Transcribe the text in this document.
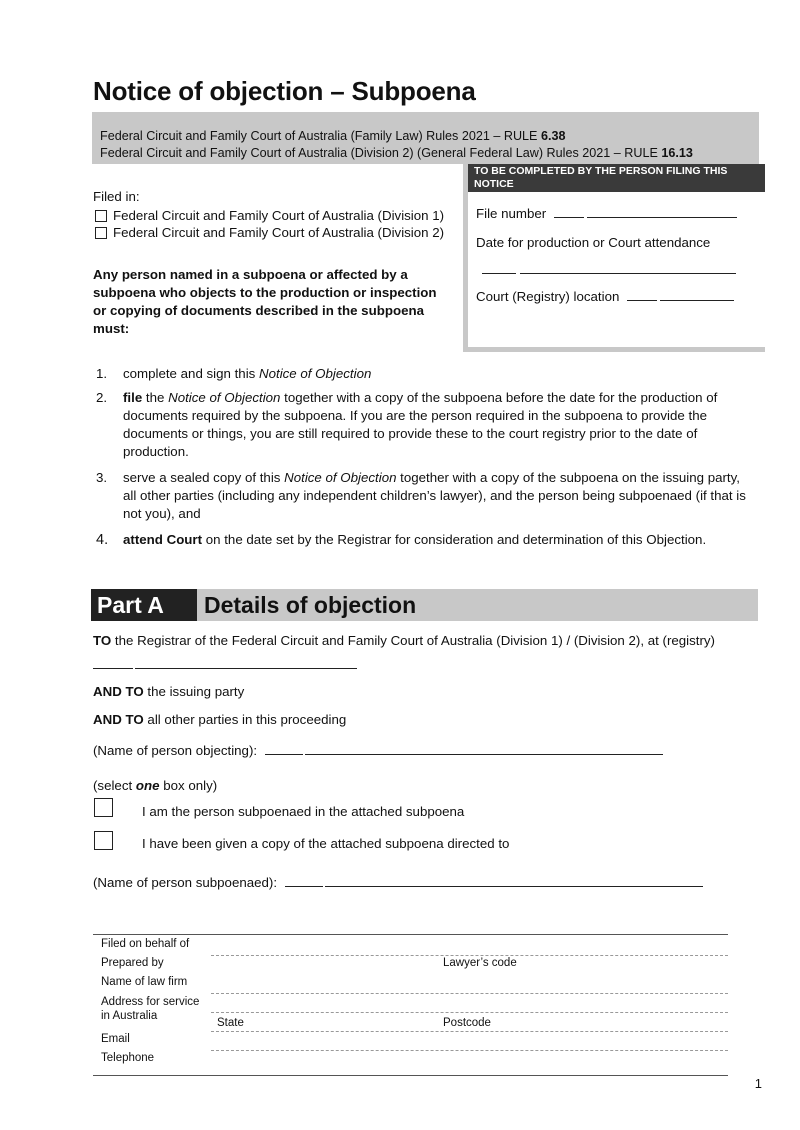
Notice of objection – Subpoena
Federal Circuit and Family Court of Australia (Family Law) Rules 2021 – RULE 6.38
Federal Circuit and Family Court of Australia (Division 2) (General Federal Law) Rules 2021 – RULE 16.13
TO BE COMPLETED BY THE PERSON FILING THIS NOTICE
File number
Date for production or Court attendance
Court (Registry) location
Filed in:
Federal Circuit and Family Court of Australia (Division 1)
Federal Circuit and Family Court of Australia (Division 2)
Any person named in a subpoena or affected by a subpoena who objects to the production or inspection or copying of documents described in the subpoena must:
1. complete and sign this Notice of Objection
2. file the Notice of Objection together with a copy of the subpoena before the date for the production of documents required by the subpoena. If you are the person required in the subpoena to provide the documents or things, you are still required to provide these to the court registry prior to the date of production.
3. serve a sealed copy of this Notice of Objection together with a copy of the subpoena on the issuing party, all other parties (including any independent children’s lawyer), and the person being subpoenaed (if that is not you), and
4. attend Court on the date set by the Registrar for consideration and determination of this Objection.
Part A	Details of objection
TO the Registrar of the Federal Circuit and Family Court of Australia (Division 1) / (Division 2), at (registry)
AND TO the issuing party
AND TO all other parties in this proceeding
(Name of person objecting):
(select one box only)
I am the person subpoenaed in the attached subpoena
I have been given a copy of the attached subpoena directed to
(Name of person subpoenaed):
Filed on behalf of
Prepared by	Lawyer’s code
Name of law firm
Address for service in Australia
State	Postcode
Email
Telephone
1
